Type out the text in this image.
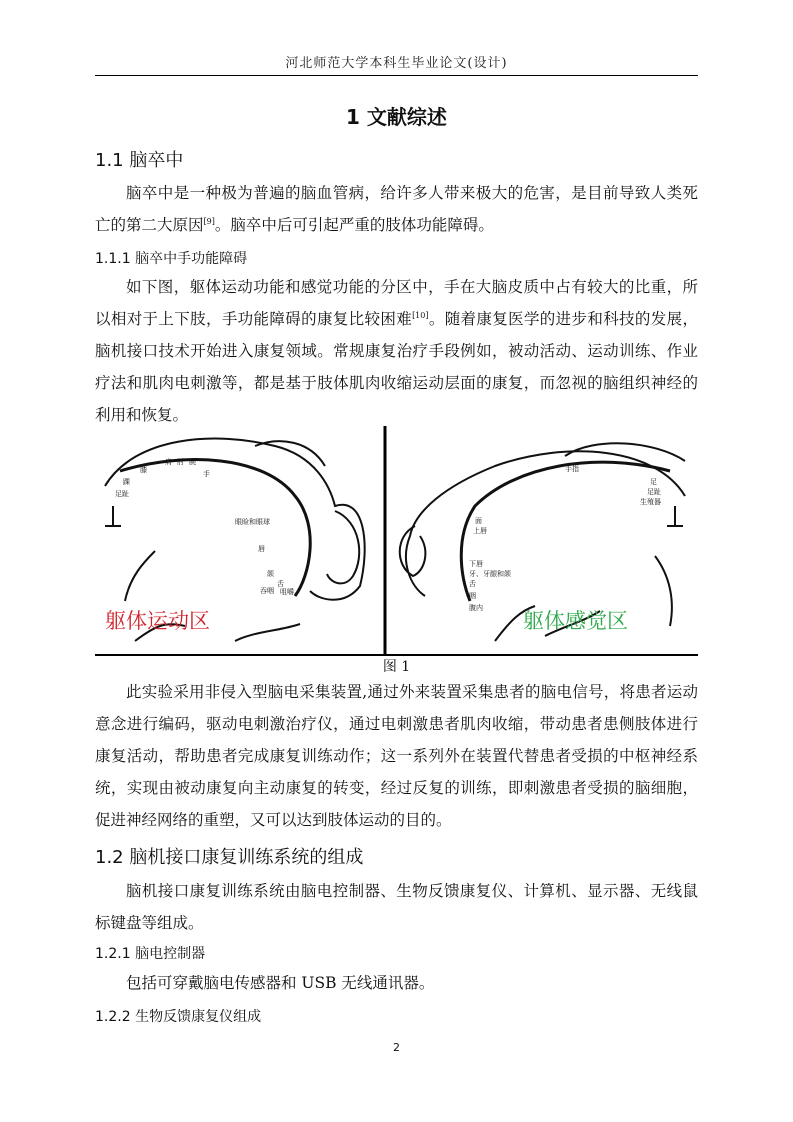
河北师范大学本科生毕业论文(设计)
1 文献综述
1.1 脑卒中

脑卒中是一种极为普遍的脑血管病，给许多人带来极大的危害，是目前导致人类死亡的第二大原因[9]。脑卒中后可引起严重的肢体功能障碍。

1.1.1 脑卒中手功能障碍

如下图，躯体运动功能和感觉功能的分区中，手在大脑皮质中占有较大的比重，所以相对于上下肢，手功能障碍的康复比较困难[10]。随着康复医学的进步和科技的发展，脑机接口技术开始进入康复领域。常规康复治疗手段例如，被动活动、运动训练、作业疗法和肌肉电刺激等，都是基于肢体肌肉收缩运动层面的康复，而忽视的脑组织神经的利用和恢复。

膝
踝
足趾
手
肩 肘 腕
眼睑和眼球
唇
颌
舌
吞咽 咀嚼
躯体运动区
手指
足
足趾
生殖器
面
上唇
下唇
牙、牙龈和颌
舌
咽
腹内
躯体感觉区
图 1

此实验采用非侵入型脑电采集装置,通过外来装置采集患者的脑电信号，将患者运动意念进行编码，驱动电刺激治疗仪，通过电刺激患者肌肉收缩，带动患者患侧肢体进行康复活动，帮助患者完成康复训练动作；这一系列外在装置代替患者受损的中枢神经系统，实现由被动康复向主动康复的转变，经过反复的训练，即刺激患者受损的脑细胞，促进神经网络的重塑，又可以达到肢体运动的目的。

1.2 脑机接口康复训练系统的组成

脑机接口康复训练系统由脑电控制器、生物反馈康复仪、计算机、显示器、无线鼠标键盘等组成。

1.2.1 脑电控制器

包括可穿戴脑电传感器和 USB 无线通讯器。

1.2.2 生物反馈康复仪组成
2
